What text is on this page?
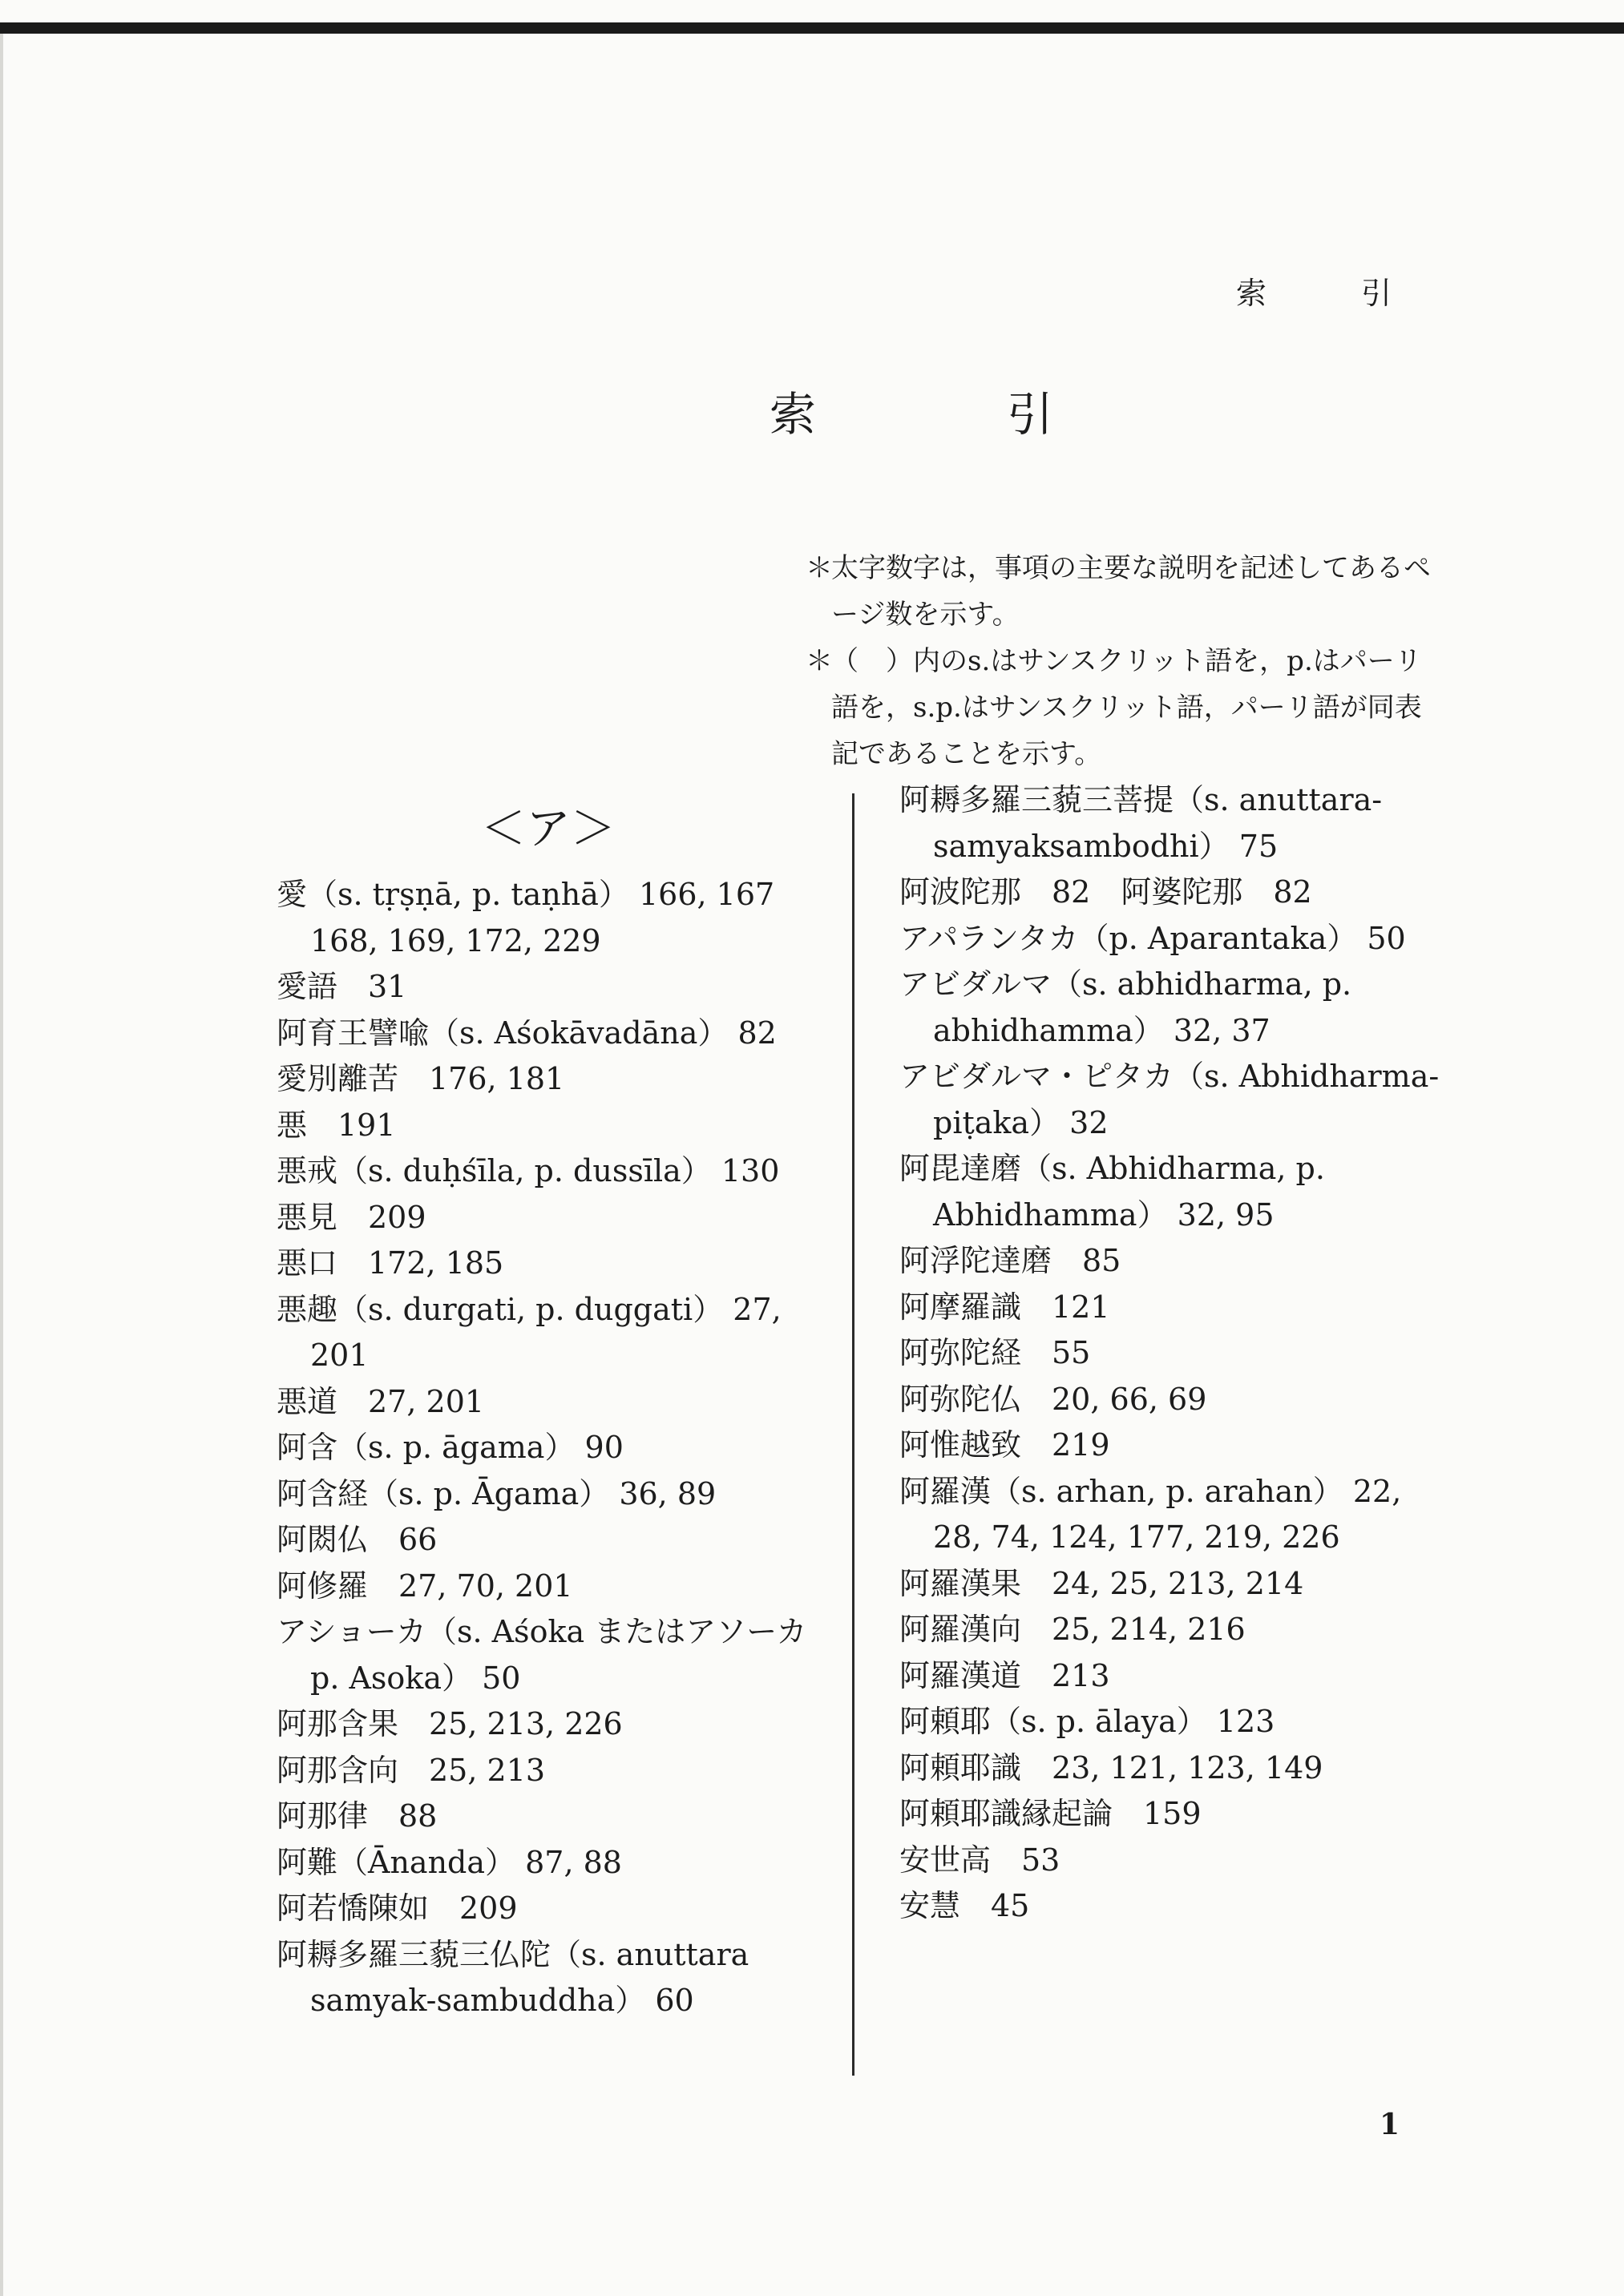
索　引
索　引
＊
太字数字は，事項の主要な説明を記述してあるページ数を示す。
＊
（　）内のs.はサンスクリット語を，p.はパーリ語を，s.p.はサンスクリット語，パーリ語が同表記であることを示す。
＜ア＞
愛（s. tṛṣṇā, p. taṇhā） 166, 167 168, 169, 172, 229
愛語　31
阿育王譬喩（s. Aśokāvadāna） 82
愛別離苦　176, 181
悪　191
悪戒（s. duḥśīla, p. dussīla） 130
悪見　209
悪口　172, 185
悪趣（s. durgati, p. duggati） 27, 201
悪道　27, 201
阿含（s. p. āgama） 90
阿含経（s. p. Āgama） 36, 89
阿閦仏　66
阿修羅　27, 70, 201
アショーカ（s. Aśoka またはアソーカ p. Asoka） 50
阿那含果　25, 213, 226
阿那含向　25, 213
阿那律　88
阿難（Ānanda） 87, 88
阿若憍陳如　209
阿耨多羅三藐三仏陀（s. anuttara samyak-sambuddha） 60
阿耨多羅三藐三菩提（s. anuttara-samyaksambodhi） 75
阿波陀那　82　阿婆陀那　82
アパランタカ（p. Aparantaka） 50
アビダルマ（s. abhidharma, p. abhidhamma） 32, 37
アビダルマ・ピタカ（s. Abhidharma-piṭaka） 32
阿毘達磨（s. Abhidharma, p. Abhidhamma） 32, 95
阿浮陀達磨　85
阿摩羅識　121
阿弥陀経　55
阿弥陀仏　20, 66, 69
阿惟越致　219
阿羅漢（s. arhan, p. arahan） 22, 28, 74, 124, 177, 219, 226
阿羅漢果　24, 25, 213, 214
阿羅漢向　25, 214, 216
阿羅漢道　213
阿頼耶（s. p. ālaya） 123
阿頼耶識　23, 121, 123, 149
阿頼耶識縁起論　159
安世高　53
安慧　45
1
